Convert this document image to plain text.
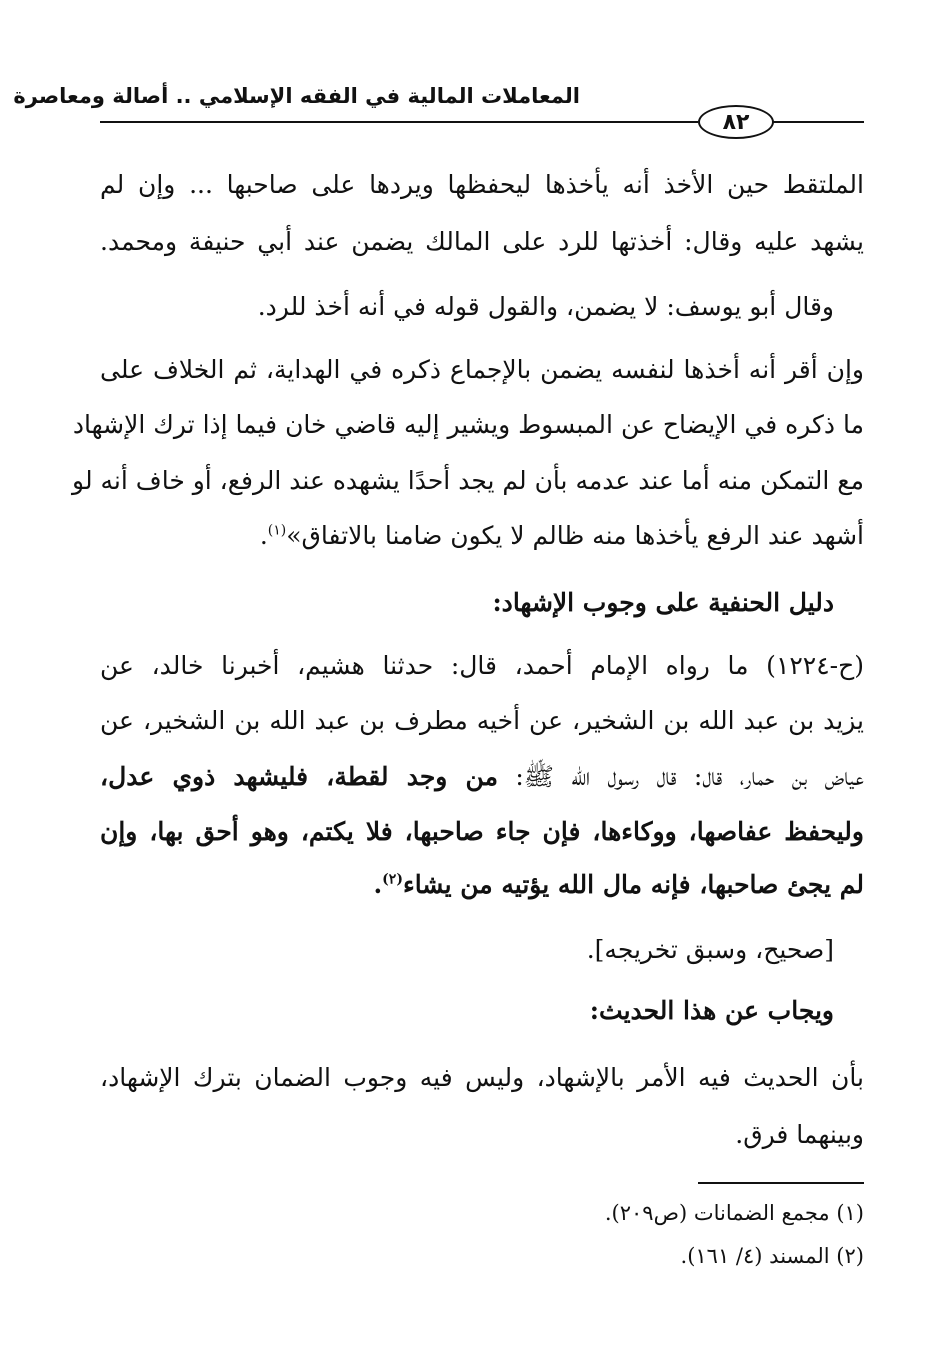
المعاملات المالية في الفقه الإسلامي .. أصالة ومعاصرة
٨٢
الملتقط حين الأخذ أنه يأخذها ليحفظها ويردها على صاحبها ... وإن لم
يشهد عليه وقال: أخذتها للرد على المالك يضمن عند أبي حنيفة ومحمد.
وقال أبو يوسف: لا يضمن، والقول قوله في أنه أخذ للرد.
وإن أقر أنه أخذها لنفسه يضمن بالإجماع ذكره في الهداية، ثم الخلاف على
ما ذكره في الإيضاح عن المبسوط ويشير إليه قاضي خان فيما إذا ترك الإشهاد
مع التمكن منه أما عند عدمه بأن لم يجد أحدًا يشهده عند الرفع، أو خاف أنه لو
أشهد عند الرفع يأخذها منه ظالم لا يكون ضامنا بالاتفاق»$^{(١)}$.
دليل الحنفية على وجوب الإشهاد:
(ح-١٢٢٤) ما رواه الإمام أحمد، قال: حدثنا هشيم، أخبرنا خالد، عن
يزيد بن عبد الله بن الشخير، عن أخيه مطرف بن عبد الله بن الشخير، عن
عياض بن حمار، قال: قال رسول الله ﷺ: من وجد لقطة، فليشهد ذوي عدل،
وليحفظ عفاصها، ووكاءها، فإن جاء صاحبها، فلا يكتم، وهو أحق بها، وإن
لم يجئ صاحبها، فإنه مال الله يؤتيه من يشاء$^{(٢)}$.
[صحيح، وسبق تخريجه].
ويجاب عن هذا الحديث:
بأن الحديث فيه الأمر بالإشهاد، وليس فيه وجوب الضمان بترك الإشهاد،
وبينهما فرق.
(١) مجمع الضمانات (ص٢٠٩).
(٢) المسند (٤/ ١٦١).
